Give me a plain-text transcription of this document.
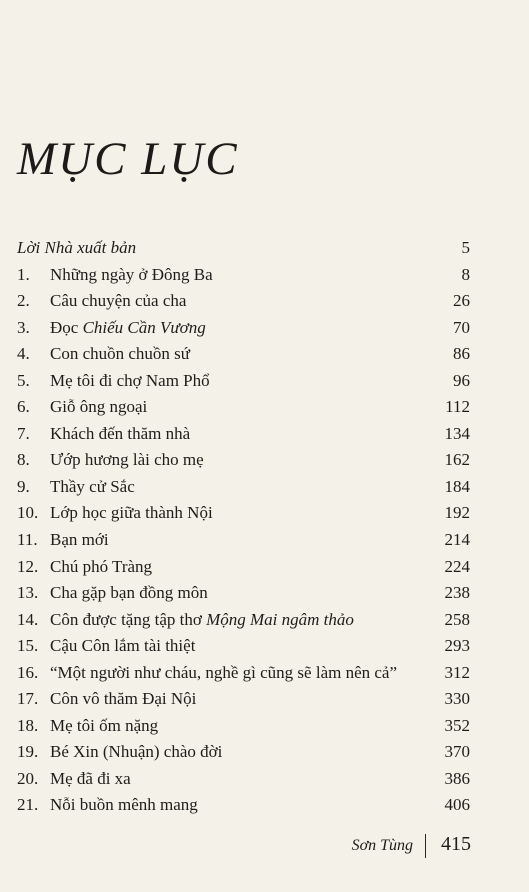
MỤC LỤC
Lời Nhà xuất bản	5
1. Những ngày ở Đông Ba	8
2. Câu chuyện của cha	26
3. Đọc Chiếu Cần Vương	70
4. Con chuồn chuồn sứ	86
5. Mẹ tôi đi chợ Nam Phổ	96
6. Giỗ ông ngoại	112
7. Khách đến thăm nhà	134
8. Ướp hương lài cho mẹ	162
9. Thầy cử Sắc	184
10. Lớp học giữa thành Nội	192
11. Bạn mới	214
12. Chú phó Tràng	224
13. Cha gặp bạn đồng môn	238
14. Côn được tặng tập thơ Mộng Mai ngâm thảo	258
15. Cậu Côn lắm tài thiệt	293
16. “Một người như cháu, nghề gì cũng sẽ làm nên cả”	312
17. Côn vô thăm Đại Nội	330
18. Mẹ tôi ốm nặng	352
19. Bé Xin (Nhuận) chào đời	370
20. Mẹ đã đi xa	386
21. Nỗi buồn mênh mang	406
Sơn Tùng 415
